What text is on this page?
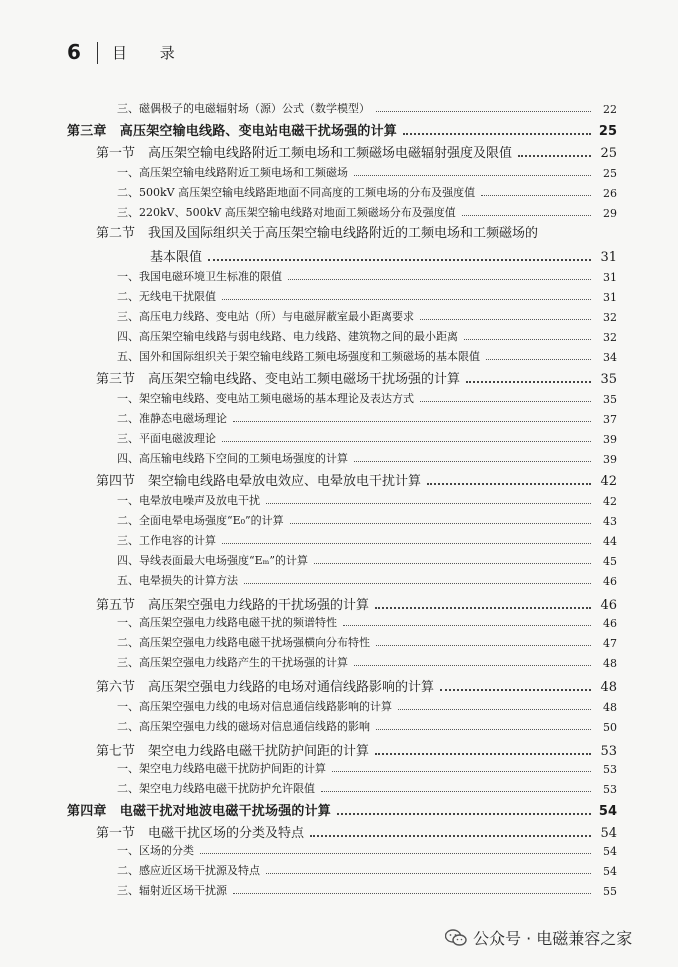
6 目 录
三、磁偶极子的电磁辐射场（源）公式（数学模型）	22
第三章　高压架空输电线路、变电站电磁干扰场强的计算	25
第一节　高压架空输电线路附近工频电场和工频磁场电磁辐射强度及限值	25
一、高压架空输电线路附近工频电场和工频磁场	25
二、500kV 高压架空输电线路距地面不同高度的工频电场的分布及强度值	26
三、220kV、500kV 高压架空输电线路对地面工频磁场分布及强度值	29
第二节　我国及国际组织关于高压架空输电线路附近的工频电场和工频磁场的
基本限值	31
一、我国电磁环境卫生标准的限值	31
二、无线电干扰限值	31
三、高压电力线路、变电站（所）与电磁屏蔽室最小距离要求	32
四、高压架空输电线路与弱电线路、电力线路、建筑物之间的最小距离	32
五、国外和国际组织关于架空输电线路工频电场强度和工频磁场的基本限值	34
第三节　高压架空输电线路、变电站工频电磁场干扰场强的计算	35
一、架空输电线路、变电站工频电磁场的基本理论及表达方式	35
二、准静态电磁场理论	37
三、平面电磁波理论	39
四、高压输电线路下空间的工频电场强度的计算	39
第四节　架空输电线路电晕放电效应、电晕放电干扰计算	42
一、电晕放电噪声及放电干扰	42
二、全面电晕电场强度“E₀”的计算	43
三、工作电容的计算	44
四、导线表面最大电场强度“Eₘ”的计算	45
五、电晕损失的计算方法	46
第五节　高压架空强电力线路的干扰场强的计算	46
一、高压架空强电力线路电磁干扰的频谱特性	46
二、高压架空强电力线路电磁干扰场强横向分布特性	47
三、高压架空强电力线路产生的干扰场强的计算	48
第六节　高压架空强电力线路的电场对通信线路影响的计算	48
一、高压架空强电力线的电场对信息通信线路影响的计算	48
二、高压架空强电力线的磁场对信息通信线路的影响	50
第七节　架空电力线路电磁干扰防护间距的计算	53
一、架空电力线路电磁干扰防护间距的计算	53
二、架空电力线路电磁干扰防护允许限值	53
第四章　电磁干扰对地波电磁干扰场强的计算	54
第一节　电磁干扰区场的分类及特点	54
一、区场的分类	54
二、感应近区场干扰源及特点	54
三、辐射近区场干扰源	55
公众号 · 电磁兼容之家
